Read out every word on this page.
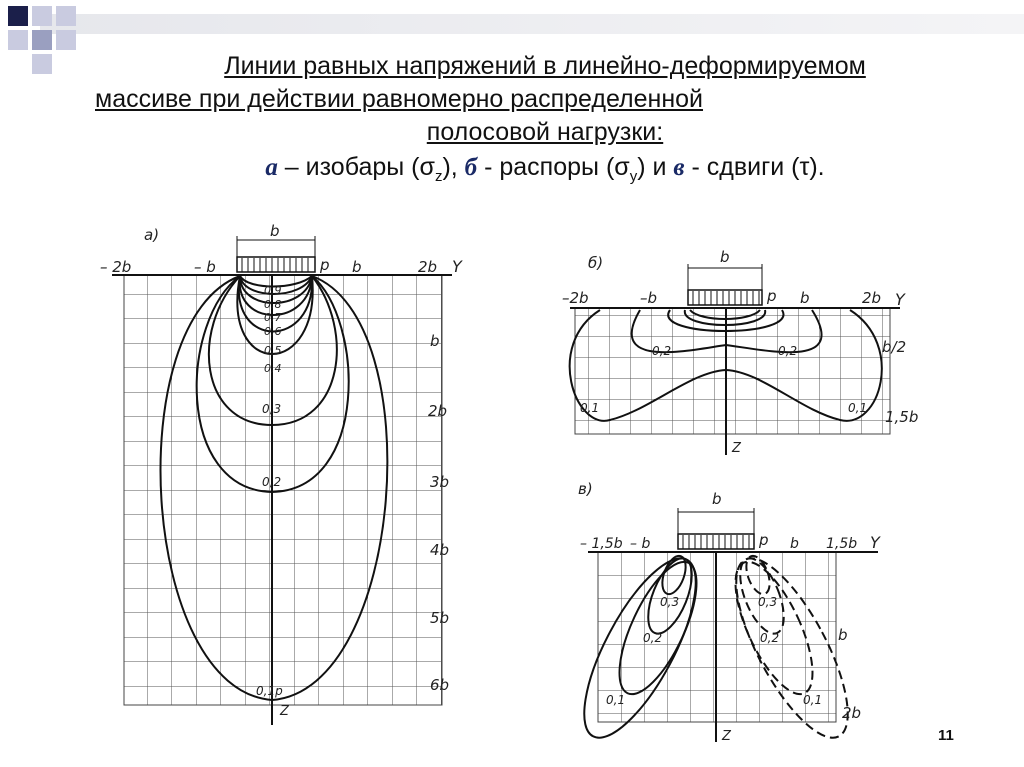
Линии равных напряжений в линейно-деформируемом
массиве при действии равномерно распределенной
полосовой нагрузки:
а – изобары $(\sigma_z)$, б - распоры $(\sigma_y)$ и в - сдвиги (τ).
а)	b
p	Y
Z
– 2b	– b	b	2b
b
2b
3b
4b
5b
6b
0,9
0,8
0,7
0,6
0,5
0,4
0,3
0,2
0,1p
б)	b
p	Y
Z
–2b	–b	b	2b
b/2
1,5b
0,2	0,2
0,1	0,1
в)
b
p	Y
Z
– 1,5b – b	b 1,5b
b
2b
0,3
0,2
0,1
0,3
0,2
0,1
11
